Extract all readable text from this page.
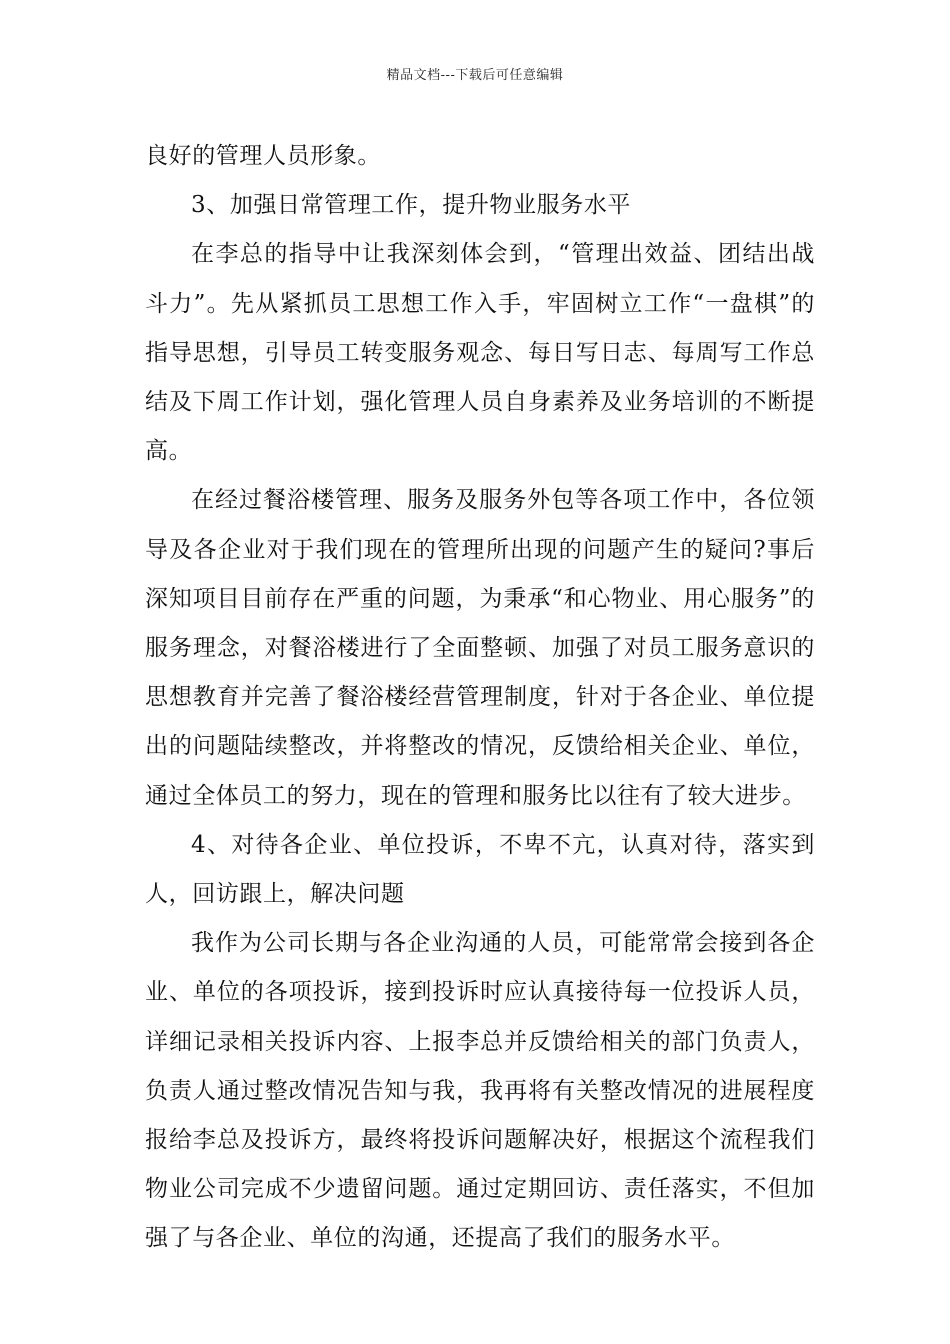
精品文档---下载后可任意编辑

良好的管理人员形象。

3、加强日常管理工作，提升物业服务水平

在李总的指导中让我深刻体会到，“管理出效益、团结出战斗力”。先从紧抓员工思想工作入手，牢固树立工作“一盘棋”的指导思想，引导员工转变服务观念、每日写日志、每周写工作总结及下周工作计划，强化管理人员自身素养及业务培训的不断提高。

在经过餐浴楼管理、服务及服务外包等各项工作中，各位领导及各企业对于我们现在的管理所出现的问题产生的疑问?事后深知项目目前存在严重的问题，为秉承“和心物业、用心服务”的服务理念，对餐浴楼进行了全面整顿、加强了对员工服务意识的思想教育并完善了餐浴楼经营管理制度，针对于各企业、单位提出的问题陆续整改，并将整改的情况，反馈给相关企业、单位，通过全体员工的努力，现在的管理和服务比以往有了较大进步。

4、对待各企业、单位投诉，不卑不亢，认真对待，落实到人，回访跟上，解决问题

我作为公司长期与各企业沟通的人员，可能常常会接到各企业、单位的各项投诉，接到投诉时应认真接待每一位投诉人员，详细记录相关投诉内容、上报李总并反馈给相关的部门负责人，负责人通过整改情况告知与我，我再将有关整改情况的进展程度报给李总及投诉方，最终将投诉问题解决好，根据这个流程我们物业公司完成不少遗留问题。通过定期回访、责任落实，不但加强了与各企业、单位的沟通，还提高了我们的服务水平。
